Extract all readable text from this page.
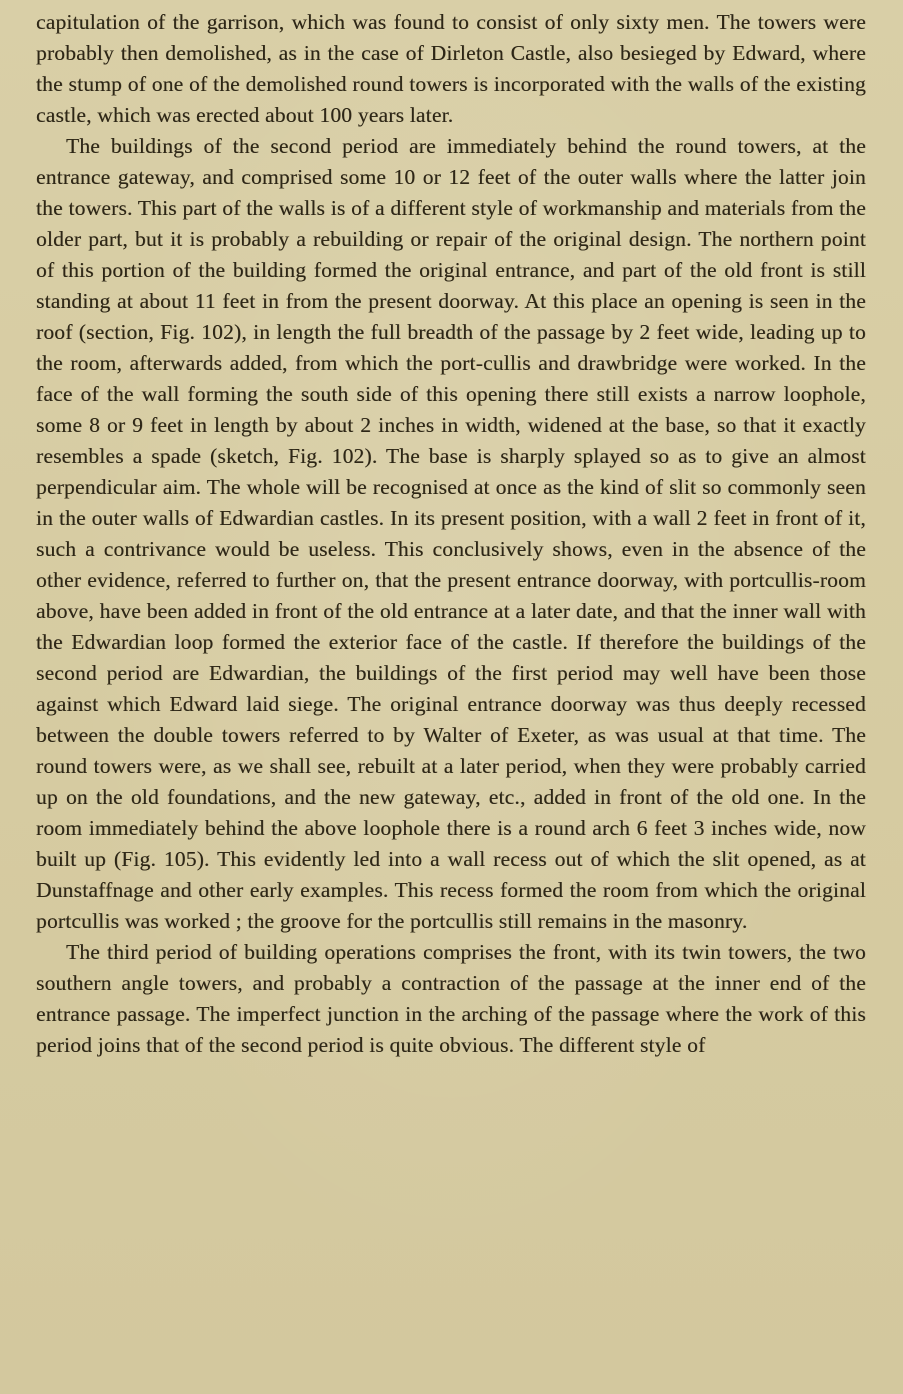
capitulation of the garrison, which was found to consist of only sixty men. The towers were probably then demolished, as in the case of Dirleton Castle, also besieged by Edward, where the stump of one of the demolished round towers is incorporated with the walls of the existing castle, which was erected about 100 years later.

The buildings of the second period are immediately behind the round towers, at the entrance gateway, and comprised some 10 or 12 feet of the outer walls where the latter join the towers. This part of the walls is of a different style of workmanship and materials from the older part, but it is probably a rebuilding or repair of the original design. The northern point of this portion of the building formed the original entrance, and part of the old front is still standing at about 11 feet in from the present doorway. At this place an opening is seen in the roof (section, Fig. 102), in length the full breadth of the passage by 2 feet wide, leading up to the room, afterwards added, from which the port-cullis and drawbridge were worked. In the face of the wall forming the south side of this opening there still exists a narrow loophole, some 8 or 9 feet in length by about 2 inches in width, widened at the base, so that it exactly resembles a spade (sketch, Fig. 102). The base is sharply splayed so as to give an almost perpendicular aim. The whole will be recognised at once as the kind of slit so commonly seen in the outer walls of Edwardian castles. In its present position, with a wall 2 feet in front of it, such a contrivance would be useless. This conclusively shows, even in the absence of the other evidence, referred to further on, that the present entrance doorway, with portcullis-room above, have been added in front of the old entrance at a later date, and that the inner wall with the Edwardian loop formed the exterior face of the castle. If therefore the buildings of the second period are Edwardian, the buildings of the first period may well have been those against which Edward laid siege. The original entrance doorway was thus deeply recessed between the double towers referred to by Walter of Exeter, as was usual at that time. The round towers were, as we shall see, rebuilt at a later period, when they were probably carried up on the old foundations, and the new gateway, etc., added in front of the old one. In the room immediately behind the above loophole there is a round arch 6 feet 3 inches wide, now built up (Fig. 105). This evidently led into a wall recess out of which the slit opened, as at Dunstaffnage and other early examples. This recess formed the room from which the original portcullis was worked ; the groove for the portcullis still remains in the masonry.

The third period of building operations comprises the front, with its twin towers, the two southern angle towers, and probably a contraction of the passage at the inner end of the entrance passage. The imperfect junction in the arching of the passage where the work of this period joins that of the second period is quite obvious. The different style of
